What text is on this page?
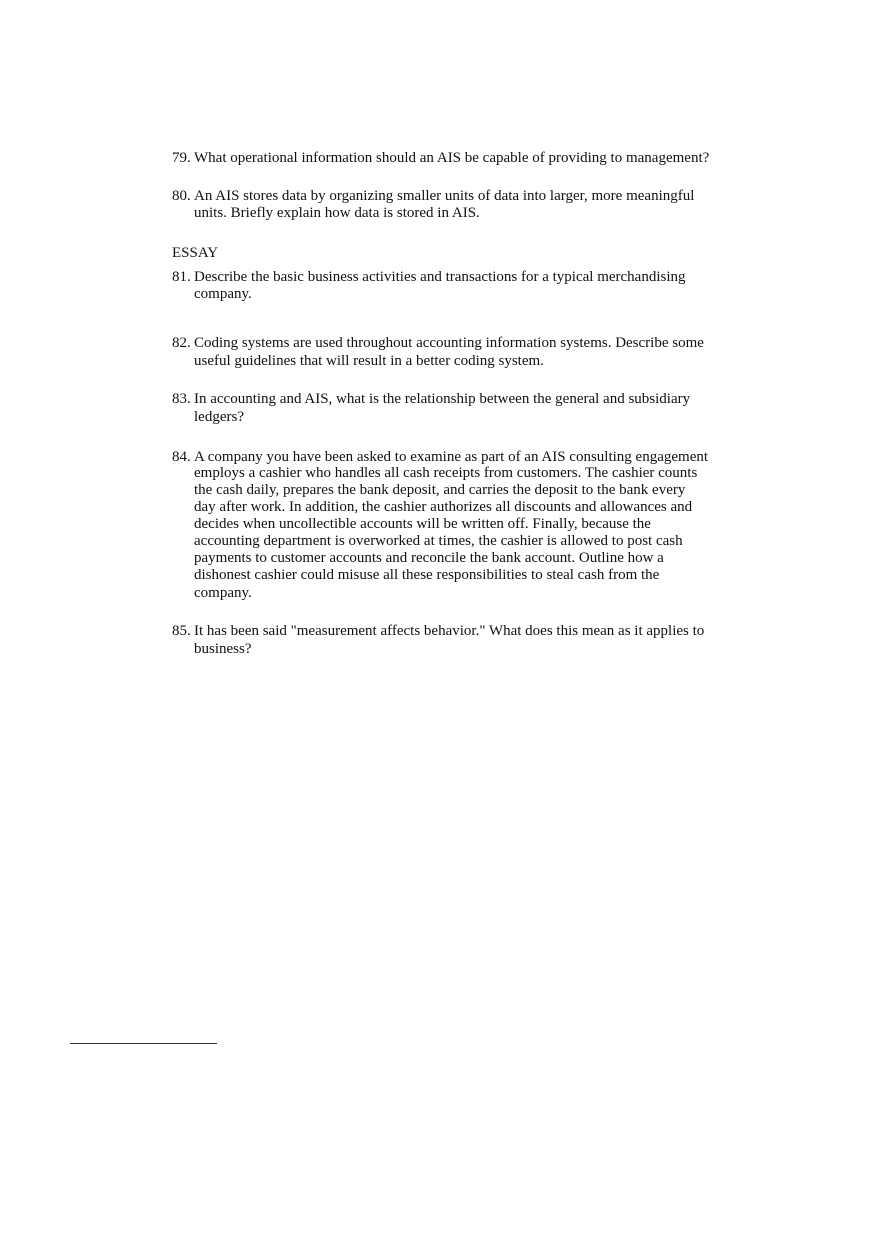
ESSAY
79. What operational information should an AIS be capable of providing to management?
80. An AIS stores data by organizing smaller units of data into larger, more meaningful
units. Briefly explain how data is stored in AIS.
81. Describe the basic business activities and transactions for a typical merchandising
company.
82. Coding systems are used throughout accounting information systems. Describe some
useful guidelines that will result in a better coding system.
83. In accounting and AIS, what is the relationship between the general and subsidiary
ledgers?
84. A company you have been asked to examine as part of an AIS consulting engagement
employs a cashier who handles all cash receipts from customers. The cashier counts
the cash daily, prepares the bank deposit, and carries the deposit to the bank every
day after work. In addition, the cashier authorizes all discounts and allowances and
decides when uncollectible accounts will be written off. Finally, because the
accounting department is overworked at times, the cashier is allowed to post cash
payments to customer accounts and reconcile the bank account. Outline how a
dishonest cashier could misuse all these responsibilities to steal cash from the
company.
85. It has been said "measurement affects behavior." What does this mean as it applies to
business?
